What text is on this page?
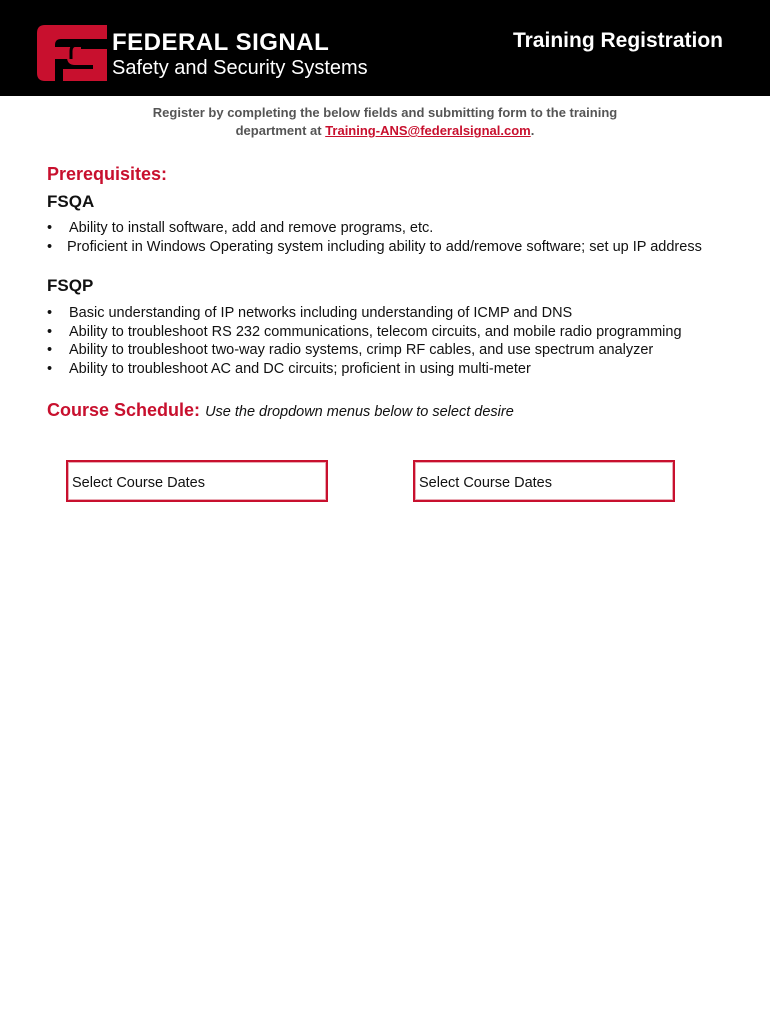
FEDERAL SIGNAL
Safety and Security Systems
Training Registration
Register by completing the below fields and submitting form to the training
department at Training-ANS@federalsignal.com.
Prerequisites:
FSQA
• Ability to install software, add and remove programs, etc.
• Proficient in Windows Operating system including ability to add/remove software; set up IP address
FSQP
• Basic understanding of IP networks including understanding of ICMP and DNS
• Ability to troubleshoot RS 232 communications, telecom circuits, and mobile radio programming
• Ability to troubleshoot two-way radio systems, crimp RF cables, and use spectrum analyzer
• Ability to troubleshoot AC and DC circuits; proficient in using multi-meter
Course Schedule: Use the dropdown menus below to select desire
Select Course Dates	Select Course Dates
